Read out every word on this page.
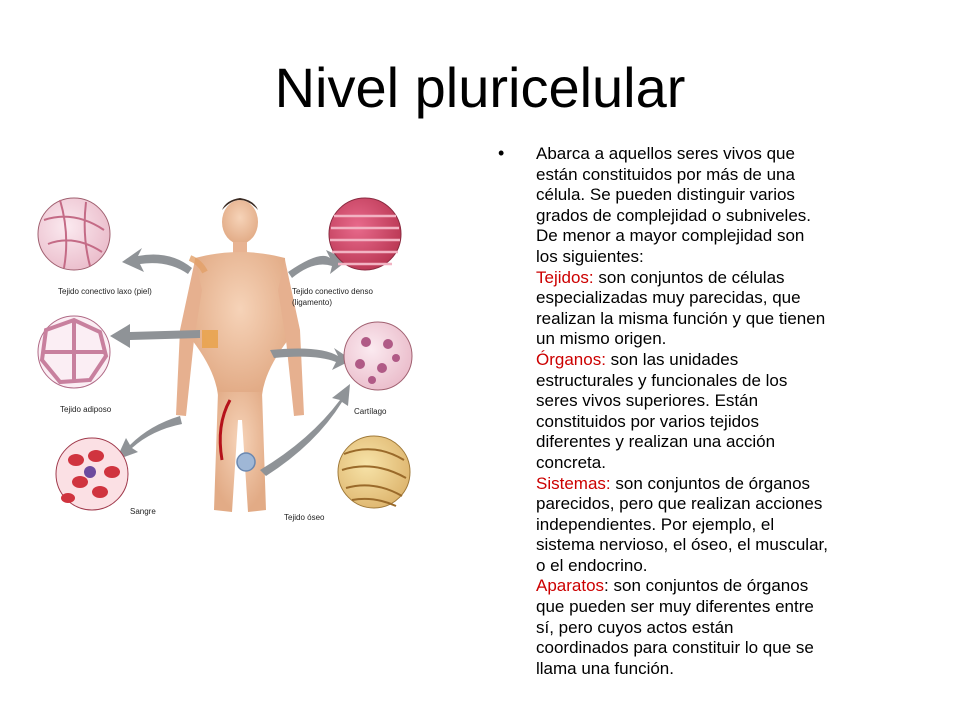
Nivel pluricelular
Tejido conectivo laxo (piel)	Tejido conectivo denso
(ligamento)
Tejido adiposo	Cartílago
Sangre
Tejido óseo
• Abarca a aquellos seres vivos que
están constituidos por más de una
célula. Se pueden distinguir varios
grados de complejidad o subniveles.
De menor a mayor complejidad son
los siguientes:
Tejidos: son conjuntos de células
especializadas muy parecidas, que
realizan la misma función y que tienen
un mismo origen.
Órganos: son las unidades
estructurales y funcionales de los
seres vivos superiores. Están
constituidos por varios tejidos
diferentes y realizan una acción
concreta.
Sistemas: son conjuntos de órganos
parecidos, pero que realizan acciones
independientes. Por ejemplo, el
sistema nervioso, el óseo, el muscular,
o el endocrino.
Aparatos: son conjuntos de órganos
que pueden ser muy diferentes entre
sí, pero cuyos actos están
coordinados para constituir lo que se
llama una función.
